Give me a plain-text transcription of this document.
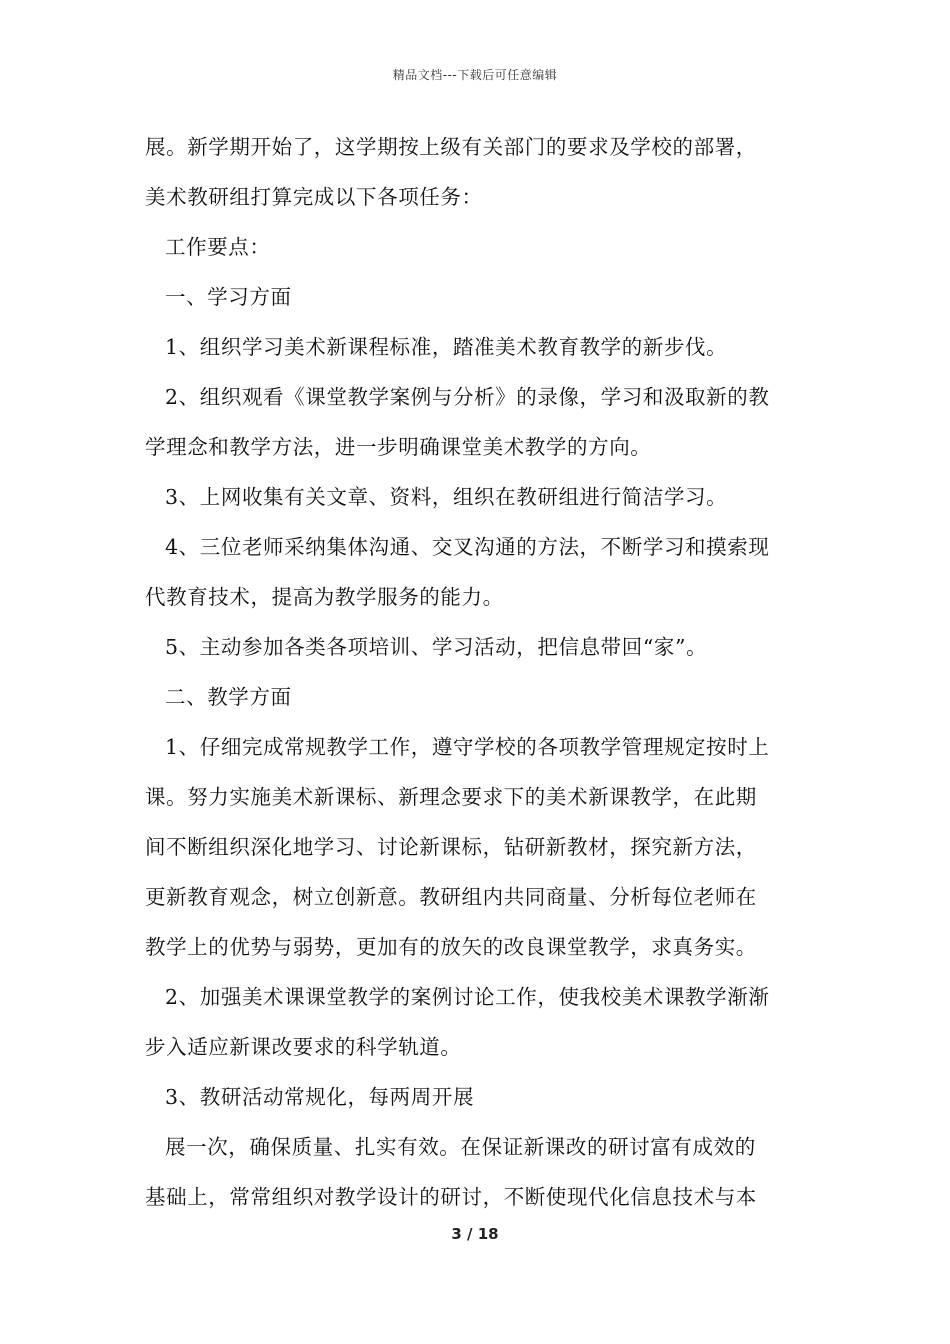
精品文档---下载后可任意编辑
展。新学期开始了，这学期按上级有关部门的要求及学校的部署，
美术教研组打算完成以下各项任务：
工作要点：
一、学习方面
1、组织学习美术新课程标准，踏准美术教育教学的新步伐。
2、组织观看《课堂教学案例与分析》的录像，学习和汲取新的教
学理念和教学方法，进一步明确课堂美术教学的方向。
3、上网收集有关文章、资料，组织在教研组进行简洁学习。
4、三位老师采纳集体沟通、交叉沟通的方法，不断学习和摸索现
代教育技术，提高为教学服务的能力。
5、主动参加各类各项培训、学习活动，把信息带回“家”。
二、教学方面
1、仔细完成常规教学工作，遵守学校的各项教学管理规定按时上
课。努力实施美术新课标、新理念要求下的美术新课教学，在此期
间不断组织深化地学习、讨论新课标，钻研新教材，探究新方法，
更新教育观念，树立创新意。教研组内共同商量、分析每位老师在
教学上的优势与弱势，更加有的放矢的改良课堂教学，求真务实。
2、加强美术课课堂教学的案例讨论工作，使我校美术课教学渐渐
步入适应新课改要求的科学轨道。
3、教研活动常规化，每两周开展
展一次，确保质量、扎实有效。在保证新课改的研讨富有成效的
基础上，常常组织对教学设计的研讨，不断使现代化信息技术与本
3 / 18
